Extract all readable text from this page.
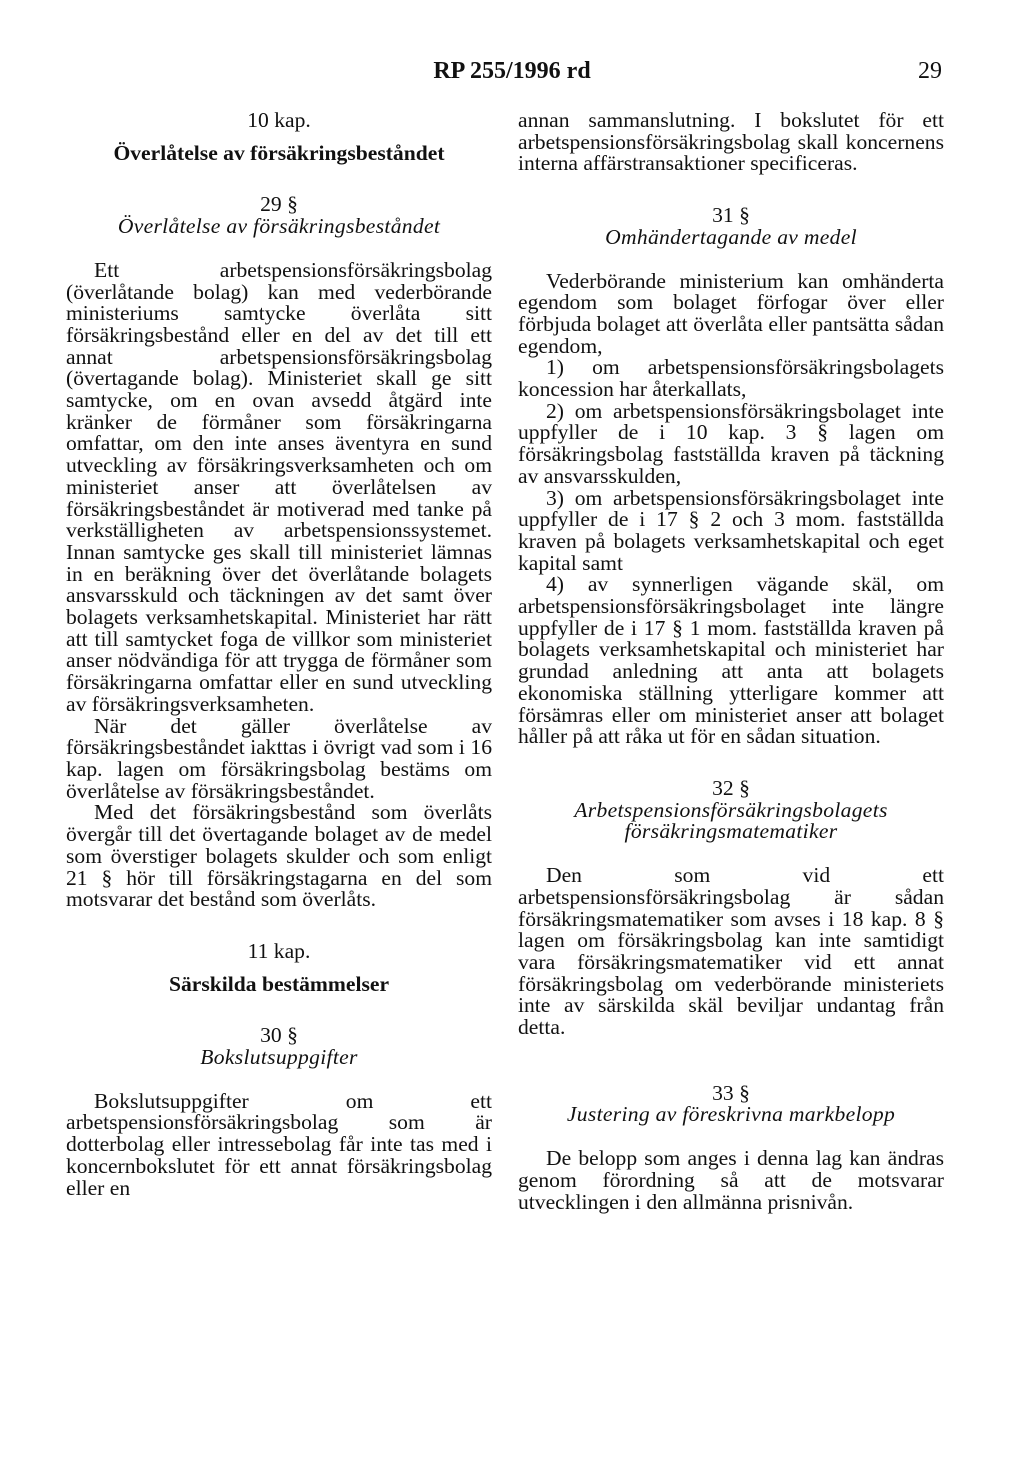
RP 255/1996 rd	29
10 kap.
Överlåtelse av försäkringsbeståndet
29 §
Överlåtelse av försäkringsbeståndet

Ett arbetspensionsförsäkringsbolag (överlåtande bolag) kan med vederbörande ministeriums samtycke överlåta sitt försäkringsbestånd eller en del av det till ett annat arbetspensionsförsäkringsbolag (övertagande bolag). Ministeriet skall ge sitt samtycke, om en ovan avsedd åtgärd inte kränker de förmåner som försäkringarna omfattar, om den inte anses äventyra en sund utveckling av försäkringsverksamheten och om ministeriet anser att överlåtelsen av försäkringsbeståndet är motiverad med tanke på verkställigheten av arbetspensionssystemet. Innan samtycke ges skall till ministeriet lämnas in en beräkning över det överlåtande bolagets ansvarsskuld och täckningen av det samt över bolagets verksamhetskapital. Ministeriet har rätt att till samtycket foga de villkor som ministeriet anser nödvändiga för att trygga de förmåner som försäkringarna omfattar eller en sund utveckling av försäkringsverksamheten.

När det gäller överlåtelse av försäkringsbeståndet iakttas i övrigt vad som i 16 kap. lagen om försäkringsbolag bestäms om överlåtelse av försäkringsbeståndet.

Med det försäkringsbestånd som överlåts övergår till det övertagande bolaget av de medel som överstiger bolagets skulder och som enligt 21 § hör till försäkringstagarna en del som motsvarar det bestånd som överlåts.

11 kap.
Särskilda bestämmelser
30 §
Bokslutsuppgifter

Bokslutsuppgifter om ett arbetspensionsförsäkringsbolag som är dotterbolag eller intressebolag får inte tas med i koncernbokslutet för ett annat försäkringsbolag eller en

annan sammanslutning. I bokslutet för ett arbetspensionsförsäkringsbolag skall koncernens interna affärstransaktioner specificeras.

31 §
Omhändertagande av medel

Vederbörande ministerium kan omhänderta egendom som bolaget förfogar över eller förbjuda bolaget att överlåta eller pantsätta sådan egendom,

1) om arbetspensionsförsäkringsbolagets koncession har återkallats,

2) om arbetspensionsförsäkringsbolaget inte uppfyller de i 10 kap. 3 § lagen om försäkringsbolag fastställda kraven på täckning av ansvarsskulden,

3) om arbetspensionsförsäkringsbolaget inte uppfyller de i 17 § 2 och 3 mom. fastställda kraven på bolagets verksamhetskapital och eget kapital samt

4) av synnerligen vägande skäl, om arbetspensionsförsäkringsbolaget inte längre uppfyller de i 17 § 1 mom. fastställda kraven på bolagets verksamhetskapital och ministeriet har grundad anledning att anta att bolagets ekonomiska ställning ytterligare kommer att försämras eller om ministeriet anser att bolaget håller på att råka ut för en sådan situation.

32 §
Arbetspensionsförsäkringsbolagets
försäkringsmatematiker

Den som vid ett arbetspensionsförsäkringsbolag är sådan försäkringsmatematiker som avses i 18 kap. 8 § lagen om försäkringsbolag kan inte samtidigt vara försäkringsmatematiker vid ett annat försäkringsbolag om vederbörande ministeriets inte av särskilda skäl beviljar undantag från detta.

33 §
Justering av föreskrivna markbelopp

De belopp som anges i denna lag kan ändras genom förordning så att de motsvarar utvecklingen i den allmänna prisnivån.
